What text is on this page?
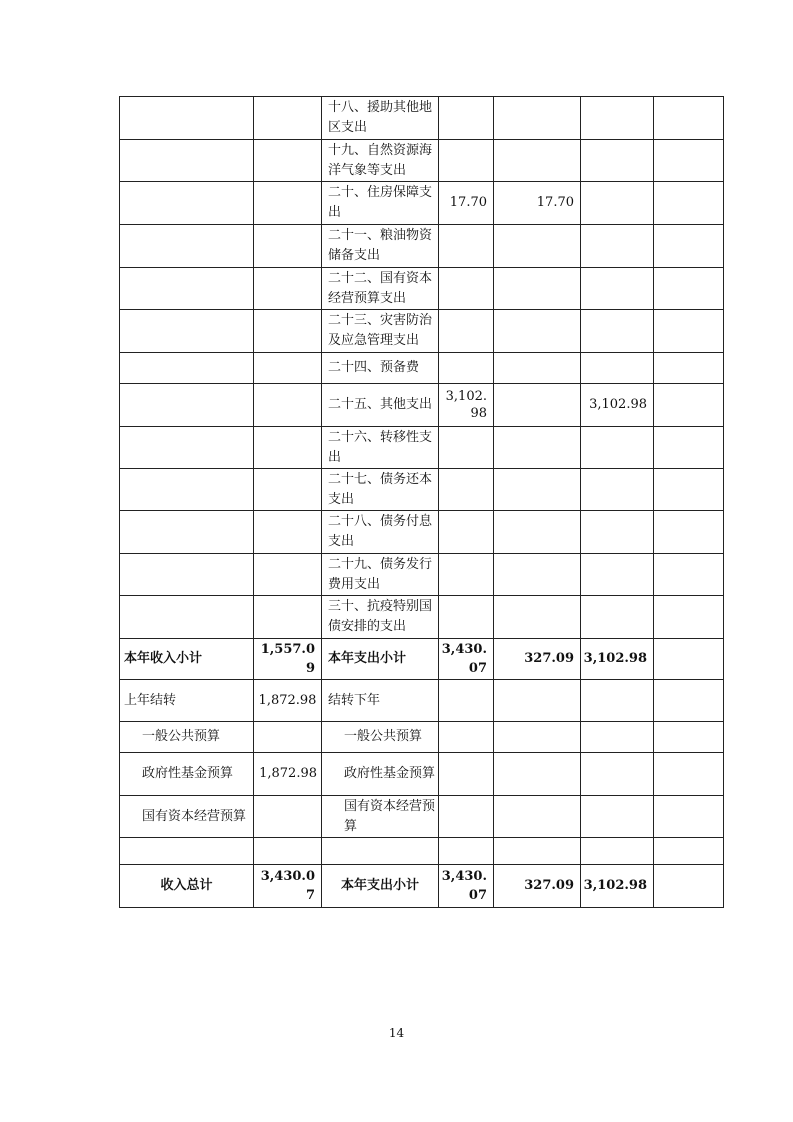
		十八、援助其他地区支出				
		十九、自然资源海洋气象等支出				
		二十、住房保障支出	17.70	17.70		
		二十一、粮油物资储备支出				
		二十二、国有资本经营预算支出				
		二十三、灾害防治及应急管理支出				
		二十四、预备费				
		二十五、其他支出	3,102.98		3,102.98	
		二十六、转移性支出				
		二十七、债务还本支出				
		二十八、债务付息支出				
		二十九、债务发行费用支出				
		三十、抗疫特别国债安排的支出				
本年收入小计	1,557.09	本年支出小计	3,430.07	327.09	3,102.98	
上年结转	1,872.98	结转下年				
一般公共预算		一般公共预算				
政府性基金预算	1,872.98	政府性基金预算				
国有资本经营预算		国有资本经营预算				

收入总计	3,430.07	本年支出小计	3,430.07	327.09	3,102.98	
14
